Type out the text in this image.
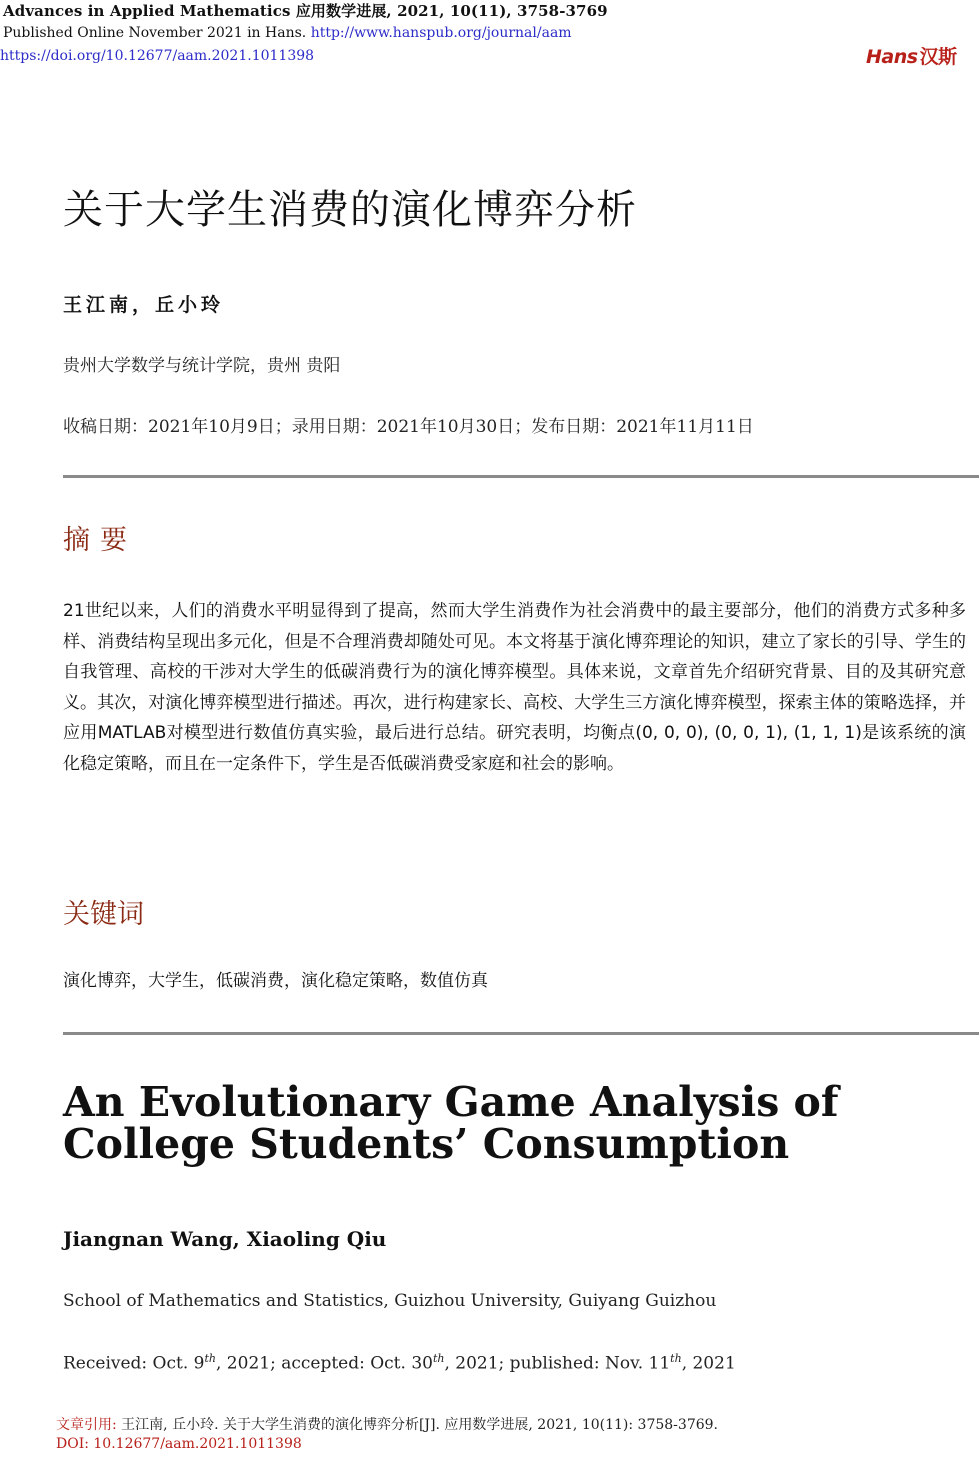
Advances in Applied Mathematics 应用数学进展, 2021, 10(11), 3758-3769
Published Online November 2021 in Hans. http://www.hanspub.org/journal/aam
https://doi.org/10.12677/aam.2021.1011398	Hans 汉斯
关于大学生消费的演化博弈分析
王江南，丘小玲
贵州大学数学与统计学院，贵州 贵阳
收稿日期：2021年10月9日；录用日期：2021年10月30日；发布日期：2021年11月11日
摘要
21世纪以来，人们的消费水平明显得到了提高，然而大学生消费作为社会消费中的最主要部分，他们的消费方式多种多样、消费结构呈现出多元化，但是不合理消费却随处可见。本文将基于演化博弈理论的知识，建立了家长的引导、学生的自我管理、高校的干涉对大学生的低碳消费行为的演化博弈模型。具体来说，文章首先介绍研究背景、目的及其研究意义。其次，对演化博弈模型进行描述。再次，进行构建家长、高校、大学生三方演化博弈模型，探索主体的策略选择，并应用MATLAB对模型进行数值仿真实验，最后进行总结。研究表明，均衡点(0, 0, 0), (0, 0, 1), (1, 1, 1)是该系统的演化稳定策略，而且在一定条件下，学生是否低碳消费受家庭和社会的影响。
关键词
演化博弈，大学生，低碳消费，演化稳定策略，数值仿真
An Evolutionary Game Analysis of
College Students’ Consumption
Jiangnan Wang, Xiaoling Qiu
School of Mathematics and Statistics, Guizhou University, Guiyang Guizhou
Received: Oct. 9th, 2021; accepted: Oct. 30th, 2021; published: Nov. 11th, 2021
文章引用: 王江南, 丘小玲. 关于大学生消费的演化博弈分析[J]. 应用数学进展, 2021, 10(11): 3758-3769.
DOI: 10.12677/aam.2021.1011398
